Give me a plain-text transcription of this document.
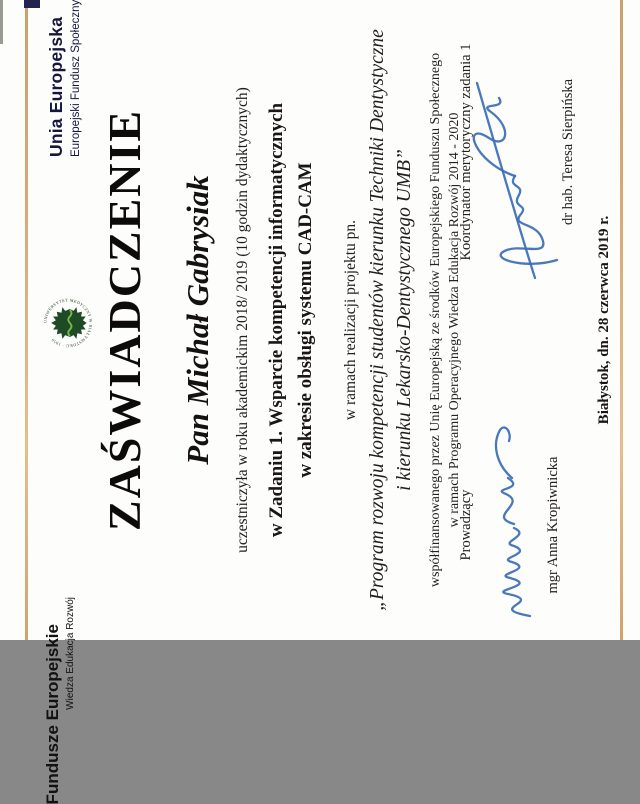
Unia Europejska Europejski Fundusz Społeczny
Fundusze Europejskie Wiedza Edukacja Rozwój
UNIWERSYTET MEDYCZNY W BIAŁYMSTOKU · 1950 ZAŚWIADCZENIE Pan Michał Gabrysiak uczestniczyła w roku akademickim 2018/ 2019 (10 godzin dydaktycznych) w Zadaniu 1. Wsparcie kompetencji informatycznych w zakresie obsługi systemu CAD-CAM w ramach realizacji projektu pn. „Program rozwoju kompetencji studentów kierunku Techniki Dentystyczne i kierunku Lekarsko-Dentystycznego UMB” współfinansowanego przez Unię Europejską ze środków Europejskiego Funduszu Społecznego w ramach Programu Operacyjnego Wiedza Edukacja Rozwój 2014 - 2020
Prowadzący	mgr Anna Kropiwnicka
Koordynator merytoryczny zadania 1	dr hab. Teresa Sierpińska
Białystok, dn. 28 czerwca 2019 r.
